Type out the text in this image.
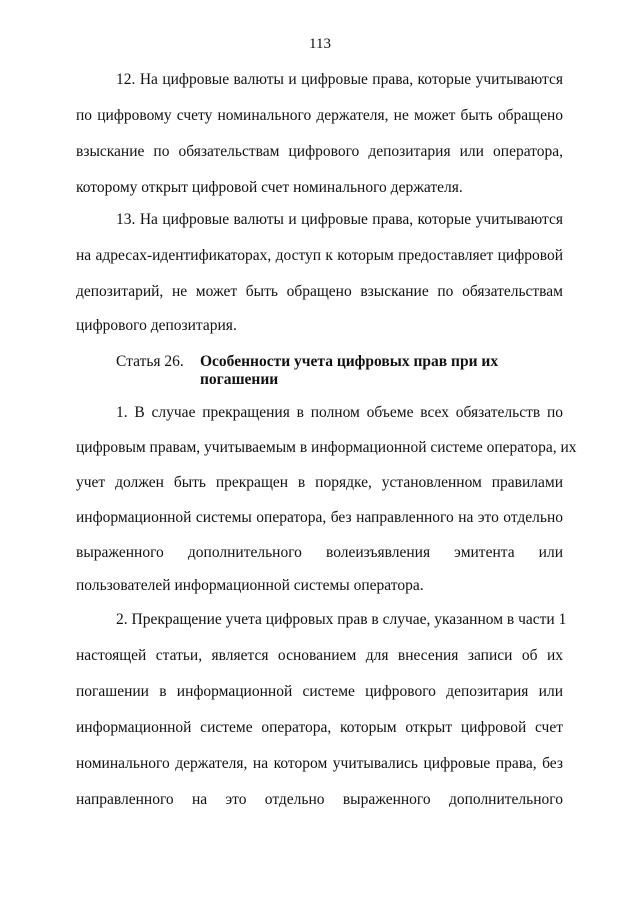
113
12. На цифровые валюты и цифровые права, которые учитываются
по цифровому счету номинального держателя, не может быть обращено
взыскание по обязательствам цифрового депозитария или оператора,
которому открыт цифровой счет номинального держателя.
13. На цифровые валюты и цифровые права, которые учитываются
на адресах-идентификаторах, доступ к которым предоставляет цифровой
депозитарий, не может быть обращено взыскание по обязательствам
цифрового депозитария.
Статья 26. Особенности учета цифровых прав при их
погашении
1. В случае прекращения в полном объеме всех обязательств по
цифровым правам, учитываемым в информационной системе оператора, их
учет должен быть прекращен в порядке, установленном правилами
информационной системы оператора, без направленного на это отдельно
выраженного дополнительного волеизъявления эмитента или
пользователей информационной системы оператора.
2. Прекращение учета цифровых прав в случае, указанном в части 1
настоящей статьи, является основанием для внесения записи об их
погашении в информационной системе цифрового депозитария или
информационной системе оператора, которым открыт цифровой счет
номинального держателя, на котором учитывались цифровые права, без
направленного на это отдельно выраженного дополнительного
